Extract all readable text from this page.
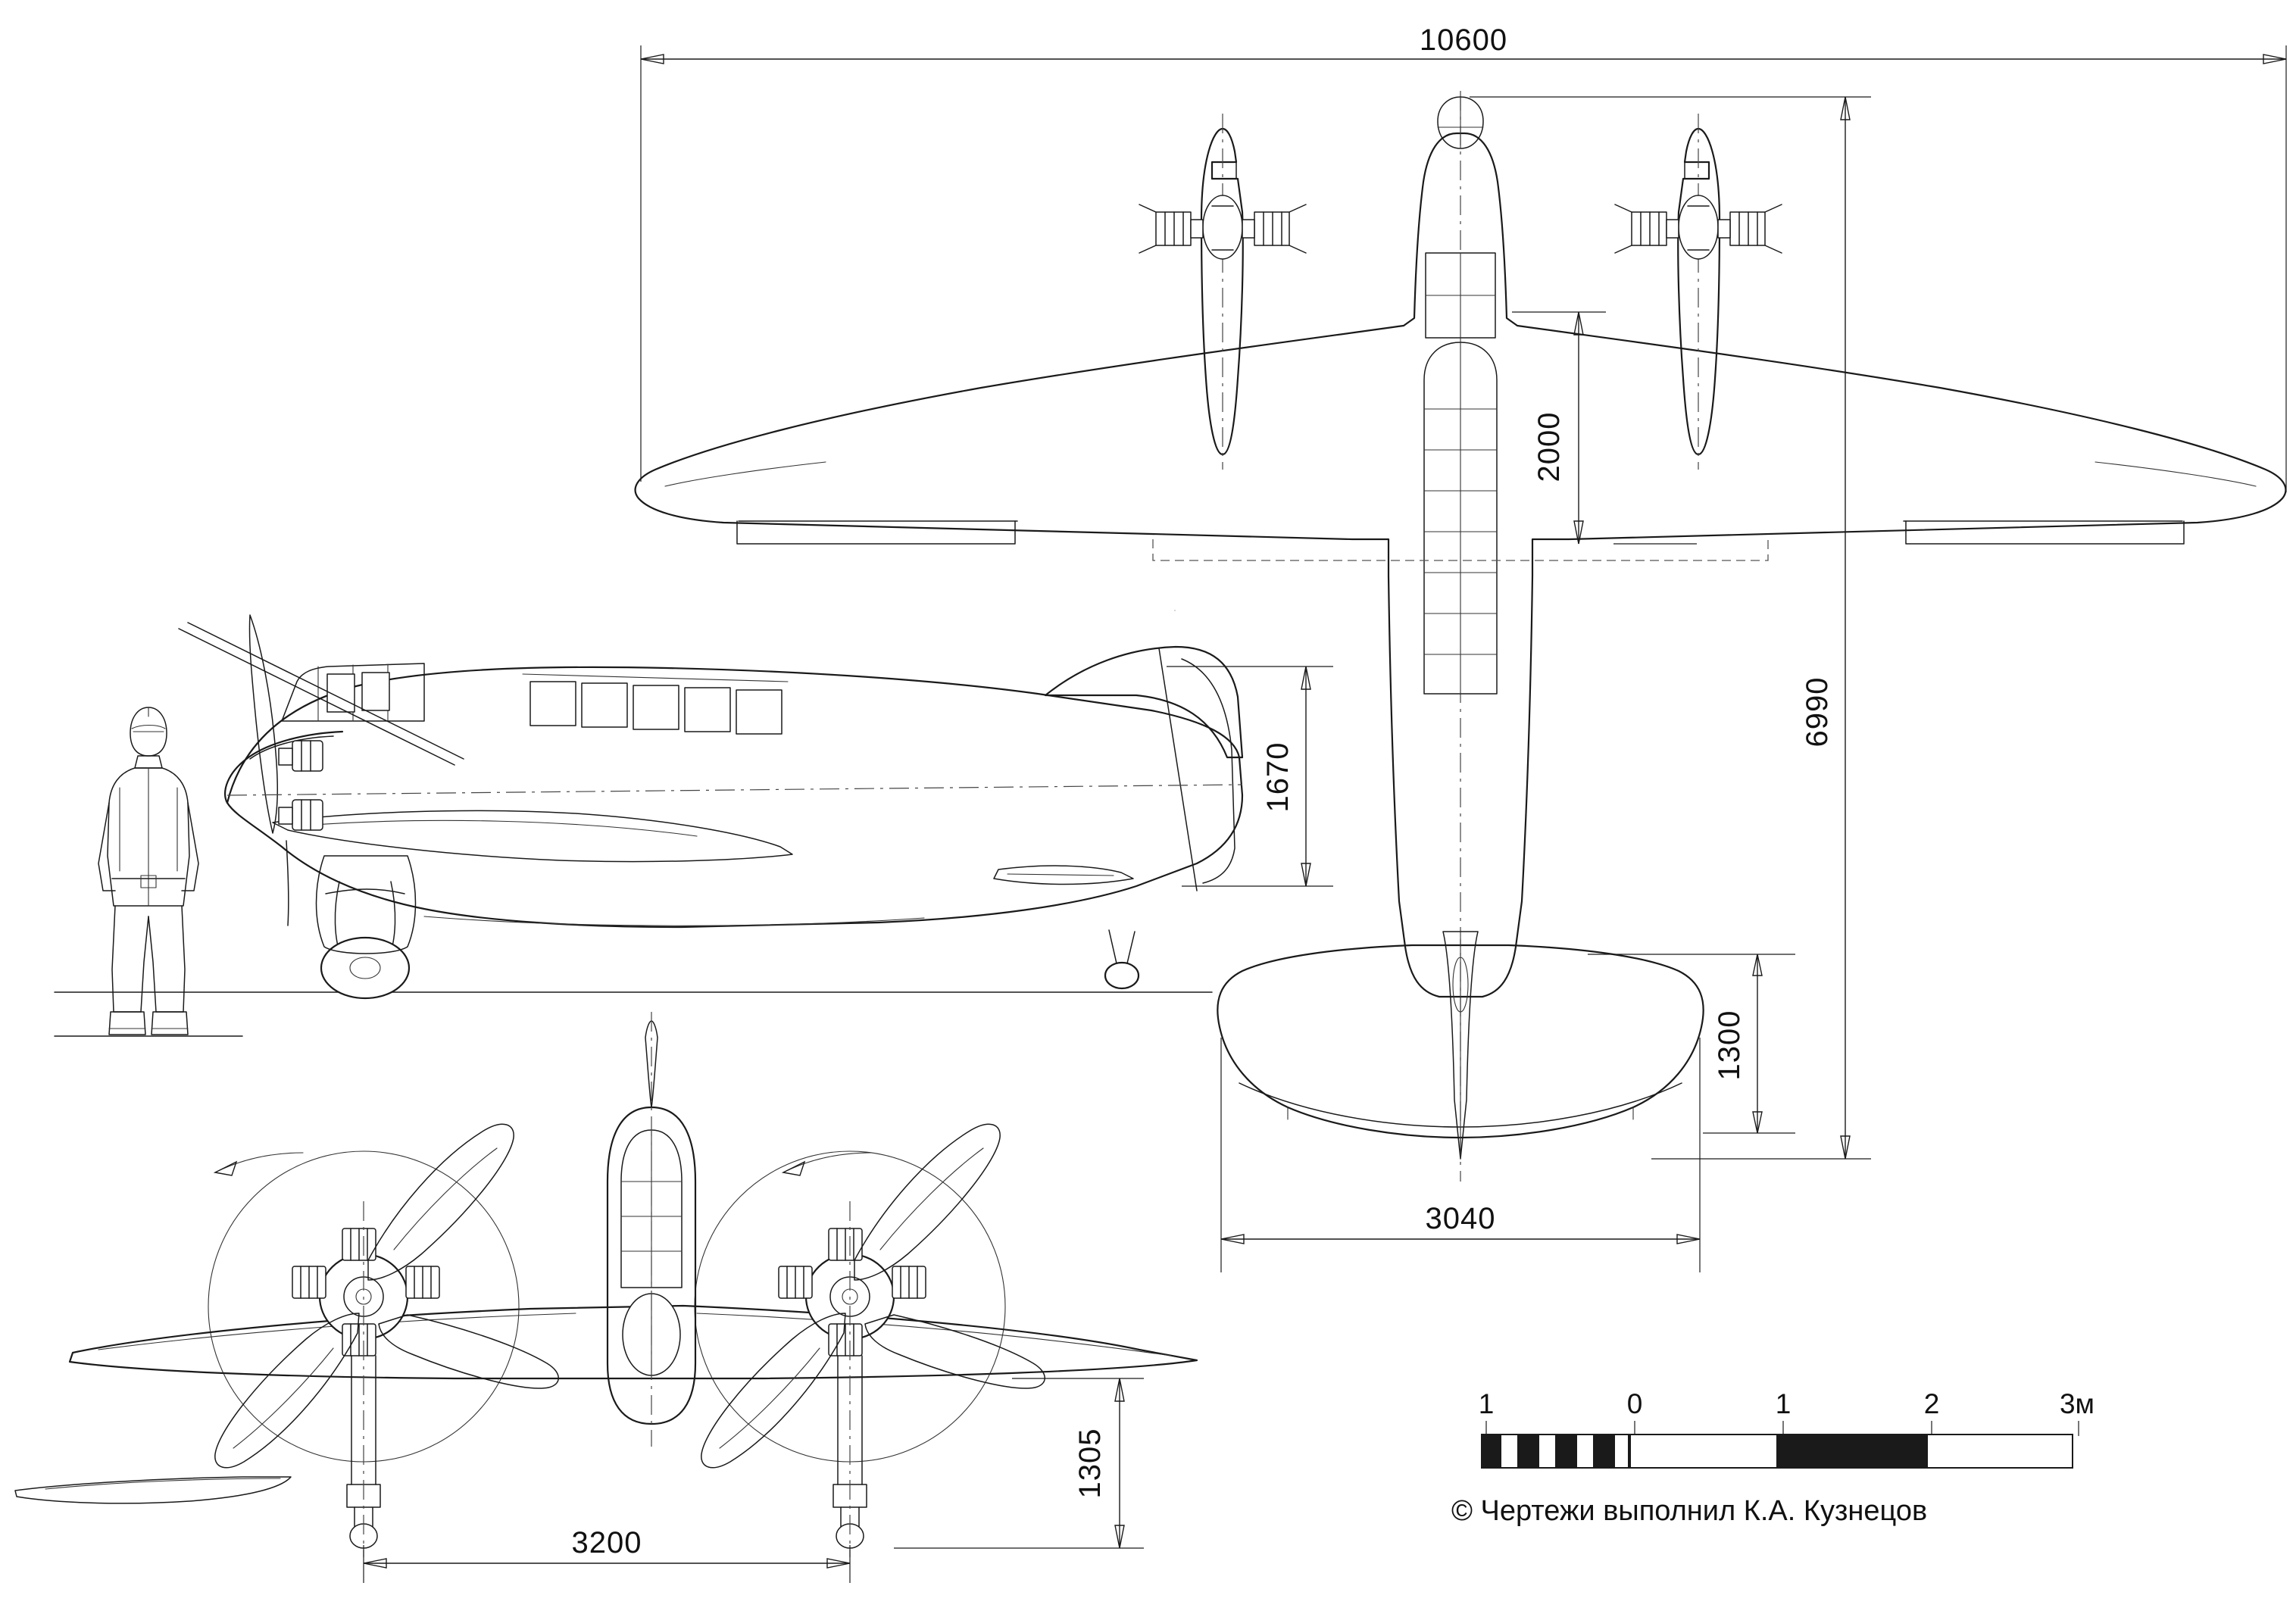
10600
2000
6990
1300
3040
1670
3200
1305
1	0	1	2	3м
© Чертежи выполнил К.А. Кузнецов
